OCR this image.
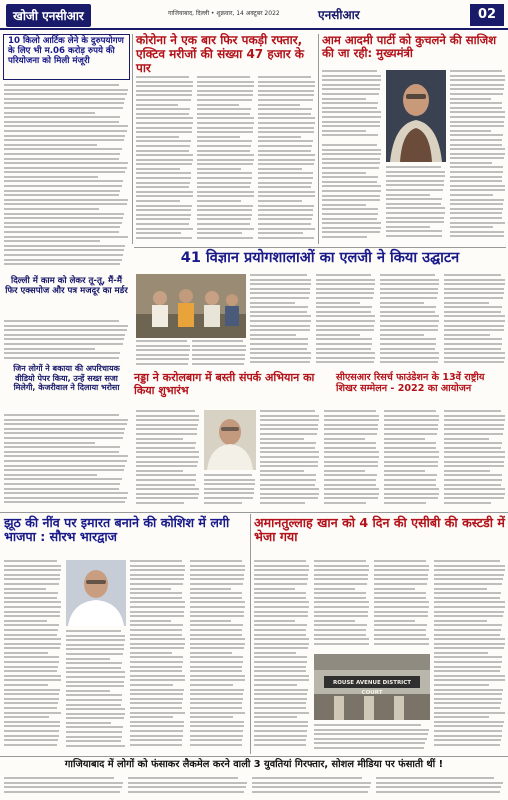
खोजी एनसीआर	गाजियाबाद, दिल्ली • शुक्रवार, 14 अक्टूबर 2022	एनसीआर	02
10 किलो आर्टिक लेने के दुरुपयोगण के लिए भी म.06 करोड़ रुपये की परियोजना को मिली मंजूरी
दिल्ली में काम को लेकर तू-तू, मैं-मैं फिर एक्सपोज और पत्र मजदूर का मर्डर
जिन लोगों ने बकाया की अपरिचायक वीडियो पेपर किया, उन्हें सख्त सजा मिलेगी, केजरीवाल ने दिलाया भरोसा
कोरोना ने एक बार फिर पकड़ी रफ्तार, एक्टिव मरीजों की संख्या 47 हजार के पार
आम आदमी पार्टी को कुचलने की साजिश की जा रही: मुख्यमंत्री
41 विज्ञान प्रयोगशालाओं का एलजी ने किया उद्घाटन
नड्डा ने करोलबाग में बस्ती संपर्क अभियान का किया शुभारंभ
सीएसआर रिसर्च फाउंडेशन के 13वें राष्ट्रीय शिखर सम्मेलन - 2022 का आयोजन
झूठ की नींव पर इमारत बनाने की कोशिश में लगी भाजपा : सौरभ भारद्वाज
अमानतुल्लाह खान को 4 दिन की एसीबी की कस्टडी में भेजा गया
ROUSE AVENUE DISTRICT COURT
गाजियाबाद में लोगों को फंसाकर लैकमेल करने वाली 3 युवतियां गिरफ्तार, सोशल मीडिया पर फंसाती थीं !
